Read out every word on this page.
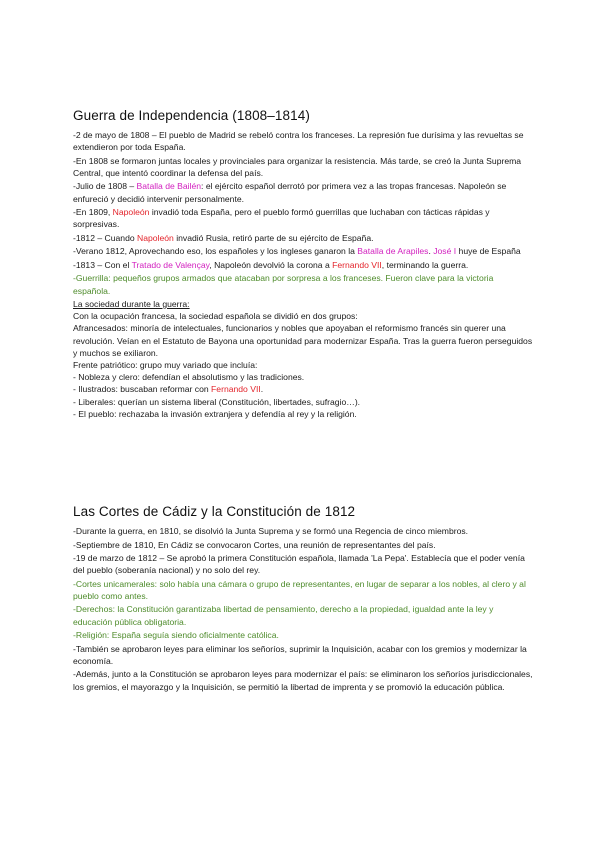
Guerra de Independencia (1808–1814)

-2 de mayo de 1808 – El pueblo de Madrid se rebeló contra los franceses. La represión fue durísima y las revueltas se extendieron por toda España.

-En 1808 se formaron juntas locales y provinciales para organizar la resistencia. Más tarde, se creó la Junta Suprema Central, que intentó coordinar la defensa del país.

-Julio de 1808 – Batalla de Bailén: el ejército español derrotó por primera vez a las tropas francesas. Napoleón se enfureció y decidió intervenir personalmente.

-En 1809, Napoleón invadió toda España, pero el pueblo formó guerrillas que luchaban con tácticas rápidas y sorpresivas.

-1812 – Cuando Napoleón invadió Rusia, retiró parte de su ejército de España.

-Verano 1812, Aprovechando eso, los españoles y los ingleses ganaron la Batalla de Arapiles. José I huye de España

-1813 – Con el Tratado de Valençay, Napoleón devolvió la corona a Fernando VII, terminando la guerra.

-Guerrilla: pequeños grupos armados que atacaban por sorpresa a los franceses. Fueron clave para la victoria española.

La sociedad durante la guerra:

Con la ocupación francesa, la sociedad española se dividió en dos grupos:

Afrancesados: minoría de intelectuales, funcionarios y nobles que apoyaban el reformismo francés sin querer una revolución. Veían en el Estatuto de Bayona una oportunidad para modernizar España. Tras la guerra fueron perseguidos y muchos se exiliaron.

Frente patriótico: grupo muy variado que incluía:

- Nobleza y clero: defendían el absolutismo y las tradiciones.

- Ilustrados: buscaban reformar con Fernando VII.

- Liberales: querían un sistema liberal (Constitución, libertades, sufragio…).

- El pueblo: rechazaba la invasión extranjera y defendía al rey y la religión.

Las Cortes de Cádiz y la Constitución de 1812

-Durante la guerra, en 1810, se disolvió la Junta Suprema y se formó una Regencia de cinco miembros.

-Septiembre de 1810, En Cádiz se convocaron Cortes, una reunión de representantes del país.

-19 de marzo de 1812 – Se aprobó la primera Constitución española, llamada 'La Pepa'. Establecía que el poder venía del pueblo (soberanía nacional) y no solo del rey.

-Cortes unicamerales: solo había una cámara o grupo de representantes, en lugar de separar a los nobles, al clero y al pueblo como antes.

-Derechos: la Constitución garantizaba libertad de pensamiento, derecho a la propiedad, igualdad ante la ley y educación pública obligatoria.

-Religión: España seguía siendo oficialmente católica.

-También se aprobaron leyes para eliminar los señoríos, suprimir la Inquisición, acabar con los gremios y modernizar la economía.

-Además, junto a la Constitución se aprobaron leyes para modernizar el país: se eliminaron los señoríos jurisdiccionales, los gremios, el mayorazgo y la Inquisición, se permitió la libertad de imprenta y se promovió la educación pública.
